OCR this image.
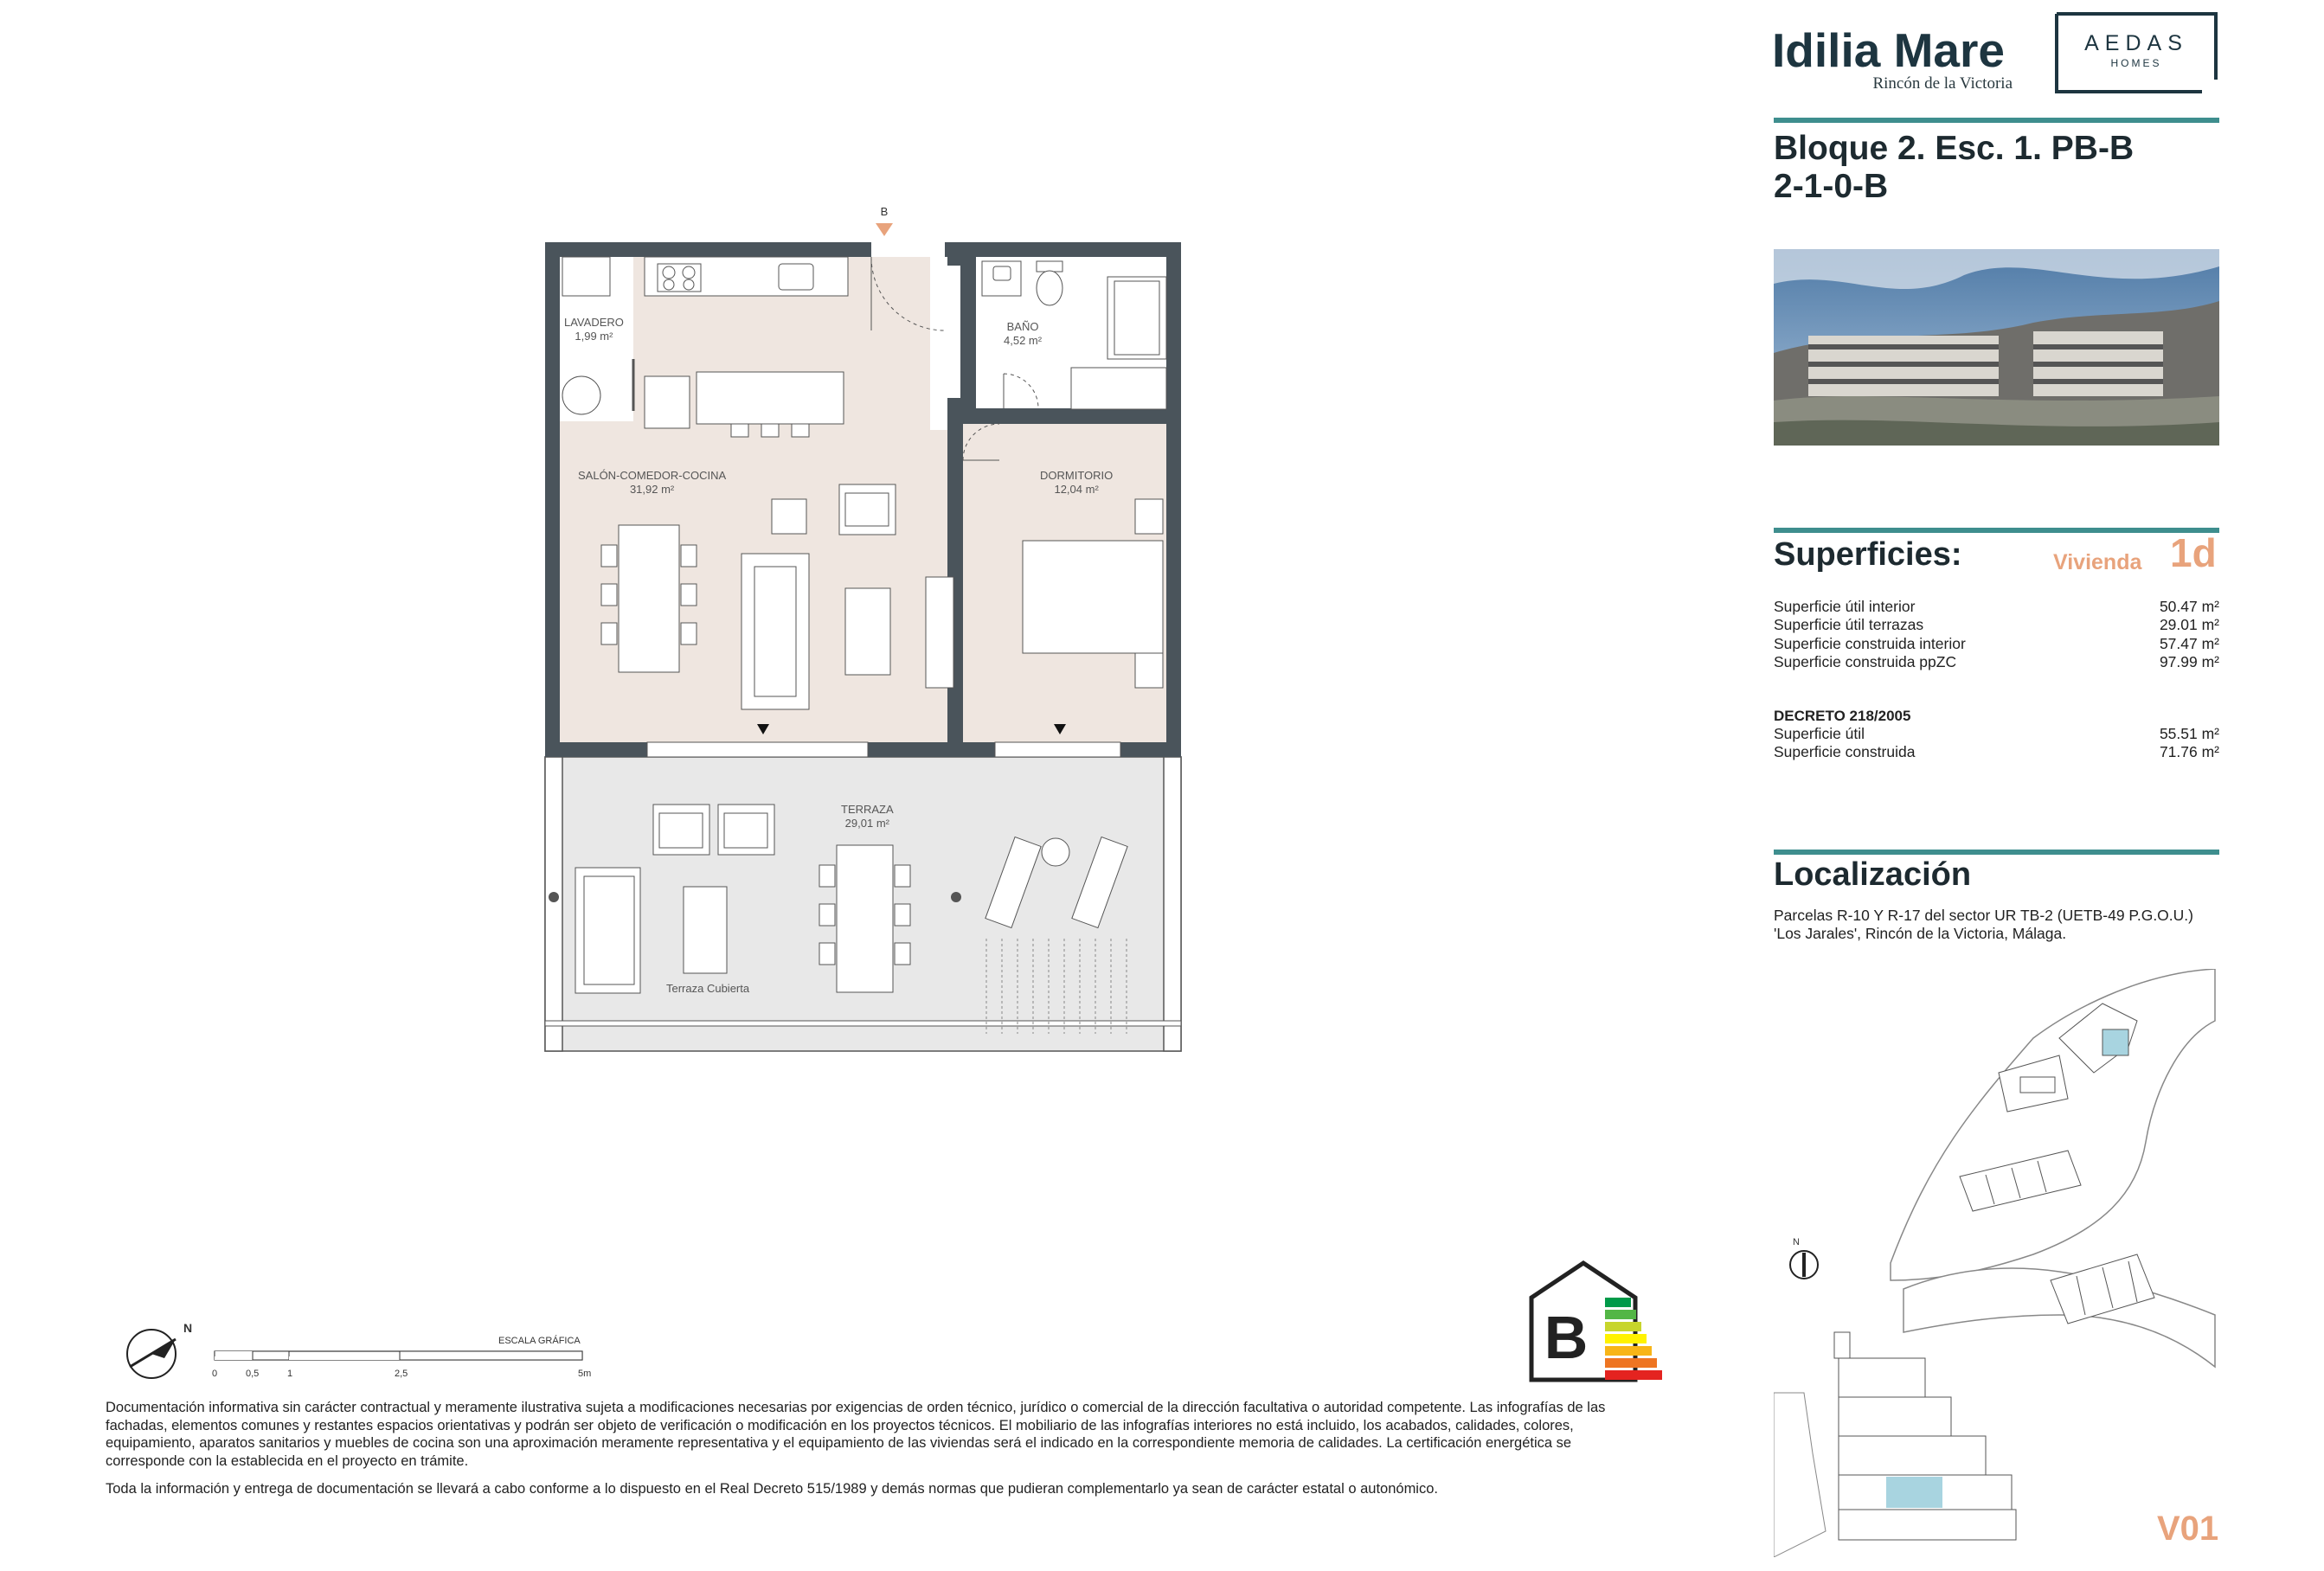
B
LAVADERO
1,99 m²
BAÑO
4,52 m²
SALÓN-COMEDOR-COCINA
31,92 m²
DORMITORIO
12,04 m²
TERRAZA
29,01 m²
Terraza Cubierta
N
ESCALA GRÁFICA
0	0,5	1	2,5	5m
B

Documentación informativa sin carácter contractual y meramente ilustrativa sujeta a modificaciones necesarias por exigencias de orden técnico, jurídico o comercial de la dirección facultativa o autoridad competente. Las infografías de las fachadas, elementos comunes y restantes espacios orientativas y podrán ser objeto de verificación o modificación en los proyectos técnicos. El mobiliario de las infografías interiores no está incluido, los acabados, calidades, colores, equipamiento, aparatos sanitarios y muebles de cocina son una aproximación meramente representativa y el equipamiento de las viviendas será el indicado en la correspondiente memoria de calidades. La certificación energética se corresponde con la establecida en el proyecto en trámite.

Toda la información y entrega de documentación se llevará a cabo conforme a lo dispuesto en el Real Decreto 515/1989 y demás normas que pudieran complementarlo ya sean de carácter estatal o autonómico.

Idilia Mare
Rincón de la Victoria
AEDAS
HOMES
Bloque 2. Esc. 1. PB-B
2-1-0-B
Superficies:	Vivienda 1d
Superficie útil interior	50.47 m²
Superficie útil terrazas	29.01 m²
Superficie construida interior	57.47 m²
Superficie construida ppZC	97.99 m²
DECRETO 218/2005
Superficie útil	55.51 m²
Superficie construida	71.76 m²
Localización
Parcelas R-10 Y R-17 del sector UR TB-2 (UETB-49 P.G.O.U.)
'Los Jarales', Rincón de la Victoria, Málaga.
N
V01
